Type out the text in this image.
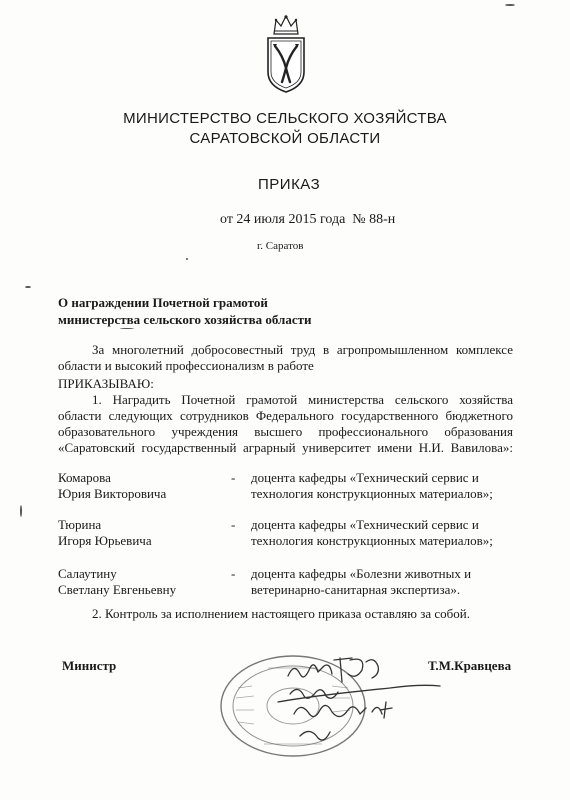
МИНИСТЕРСТВО СЕЛЬСКОГО ХОЗЯЙСТВА
САРАТОВСКОЙ ОБЛАСТИ
ПРИКАЗ
от 24 июля 2015 года  № 88-н
г. Саратов
О награждении Почетной грамотой
министерства сельского хозяйства области
За многолетний добросовестный труд в агропромышленном комплексе
области и высокий профессионализм в работе
ПРИКАЗЫВАЮ:
1. Наградить Почетной грамотой министерства сельского хозяйства
области следующих сотрудников Федерального государственного бюджетного
образовательного учреждения высшего профессионального образования
«Саратовский государственный аграрный университет имени Н.И. Вавилова»:
Комарова
Юрия Викторовича
- доцента кафедры «Технический сервис и
технология конструкционных материалов»;
Тюрина
Игоря Юрьевича
- доцента кафедры «Технический сервис и
технология конструкционных материалов»;
Салаутину
Светлану Евгеньевну
- доцента кафедры «Болезни животных и
ветеринарно-санитарная экспертиза».
2. Контроль за исполнением настоящего приказа оставляю за собой.
Министр	Т.М.Кравцева
